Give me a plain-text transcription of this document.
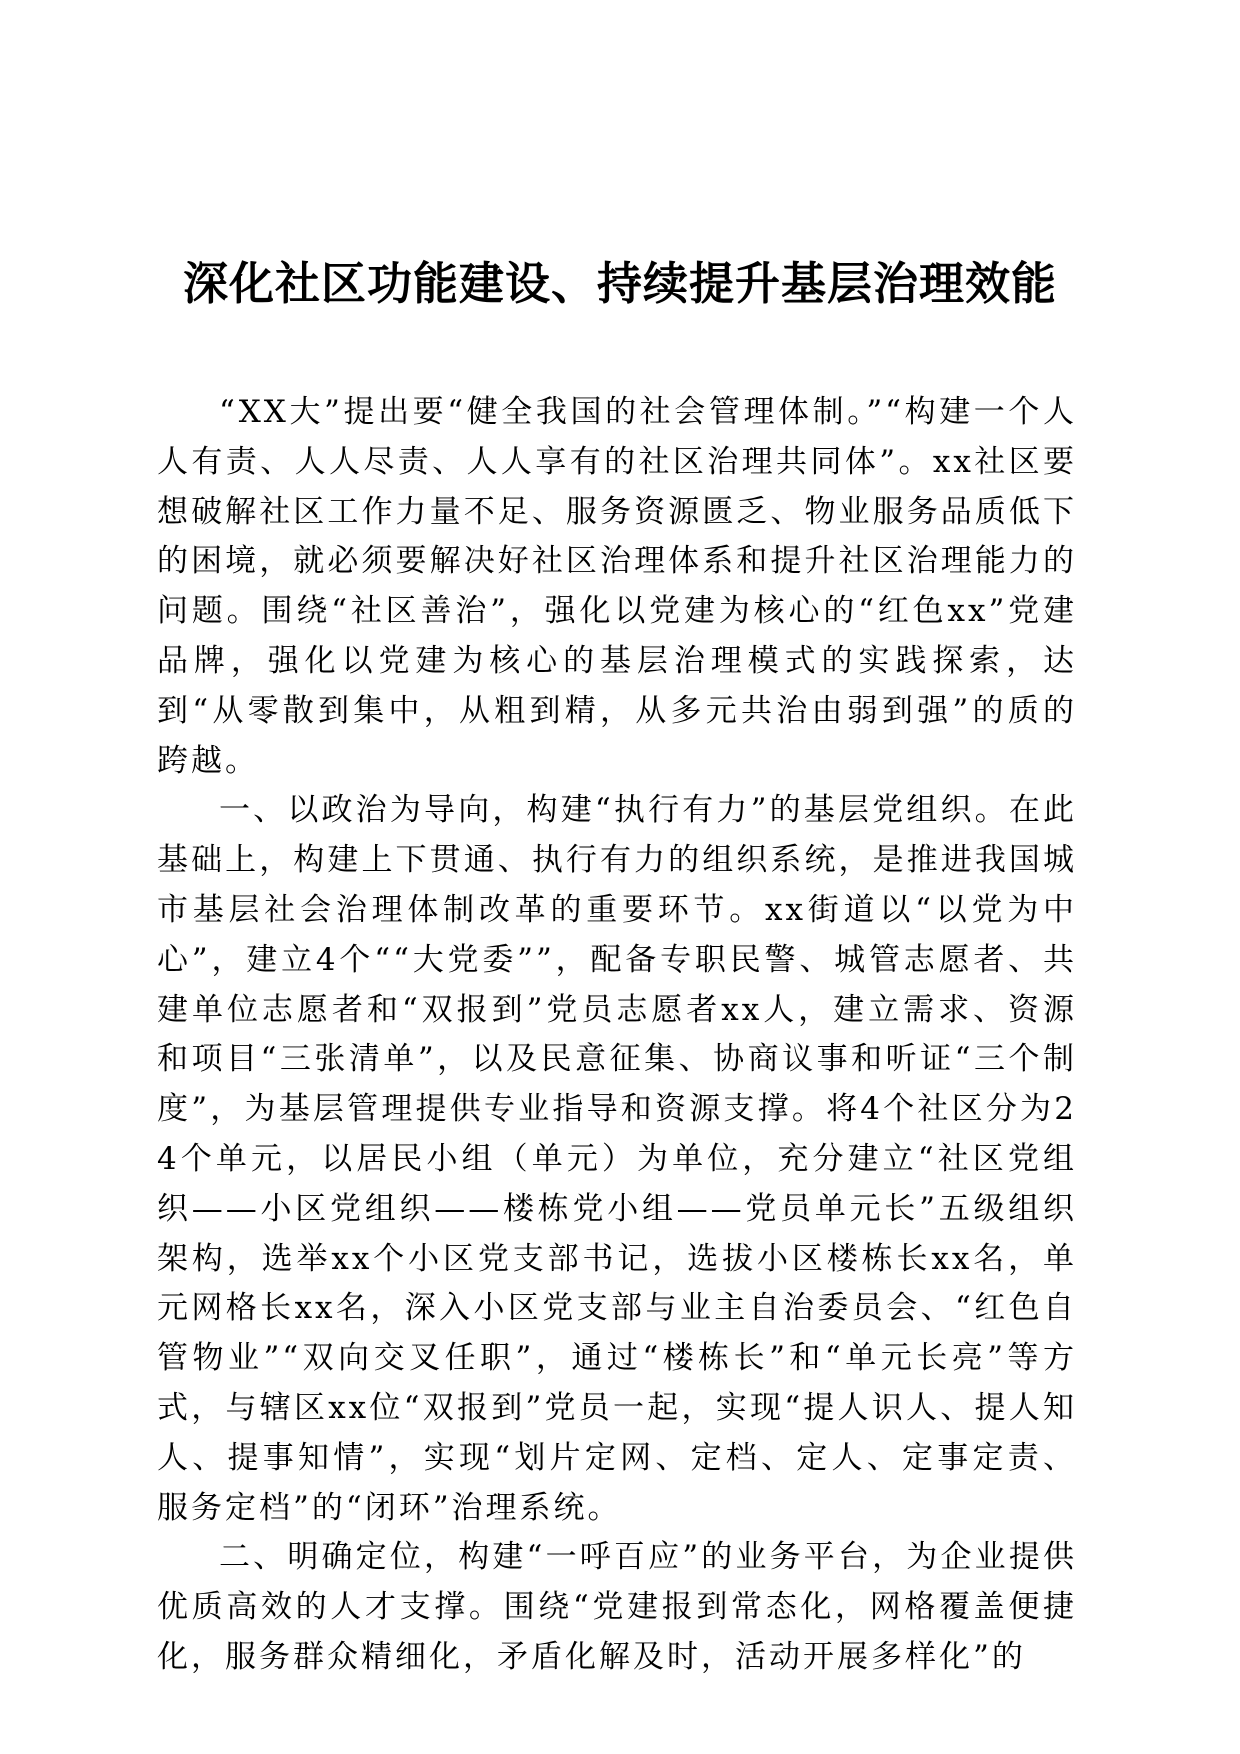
深化社区功能建设、持续提升基层治理效能

“XX大”提出要“健全我国的社会管理体制。”“构建一个人人有责、人人尽责、人人享有的社区治理共同体”。xx社区要想破解社区工作力量不足、服务资源匮乏、物业服务品质低下的困境，就必须要解决好社区治理体系和提升社区治理能力的问题。围绕“社区善治”，强化以党建为核心的“红色xx”党建品牌，强化以党建为核心的基层治理模式的实践探索，达到“从零散到集中，从粗到精，从多元共治由弱到强”的质的跨越。

一、以政治为导向，构建“执行有力”的基层党组织。在此基础上，构建上下贯通、执行有力的组织系统，是推进我国城市基层社会治理体制改革的重要环节。xx街道以“以党为中心”，建立4个““大党委””，配备专职民警、城管志愿者、共建单位志愿者和“双报到”党员志愿者xx人，建立需求、资源和项目“三张清单”，以及民意征集、协商议事和听证“三个制度”，为基层管理提供专业指导和资源支撑。将4个社区分为24个单元，以居民小组（单元）为单位，充分建立“社区党组织——小区党组织——楼栋党小组——党员单元长”五级组织架构，选举xx个小区党支部书记，选拔小区楼栋长xx名，单元网格长xx名，深入小区党支部与业主自治委员会、“红色自管物业”“双向交叉任职”，通过“楼栋长”和“单元长亮”等方式，与辖区xx位“双报到”党员一起，实现“提人识人、提人知人、提事知情”，实现“划片定网、定档、定人、定事定责、服务定档”的“闭环”治理系统。

二、明确定位，构建“一呼百应”的业务平台，为企业提供优质高效的人才支撑。围绕“党建报到常态化，网格覆盖便捷化，服务群众精细化，矛盾化解及时，活动开展多样化”的
